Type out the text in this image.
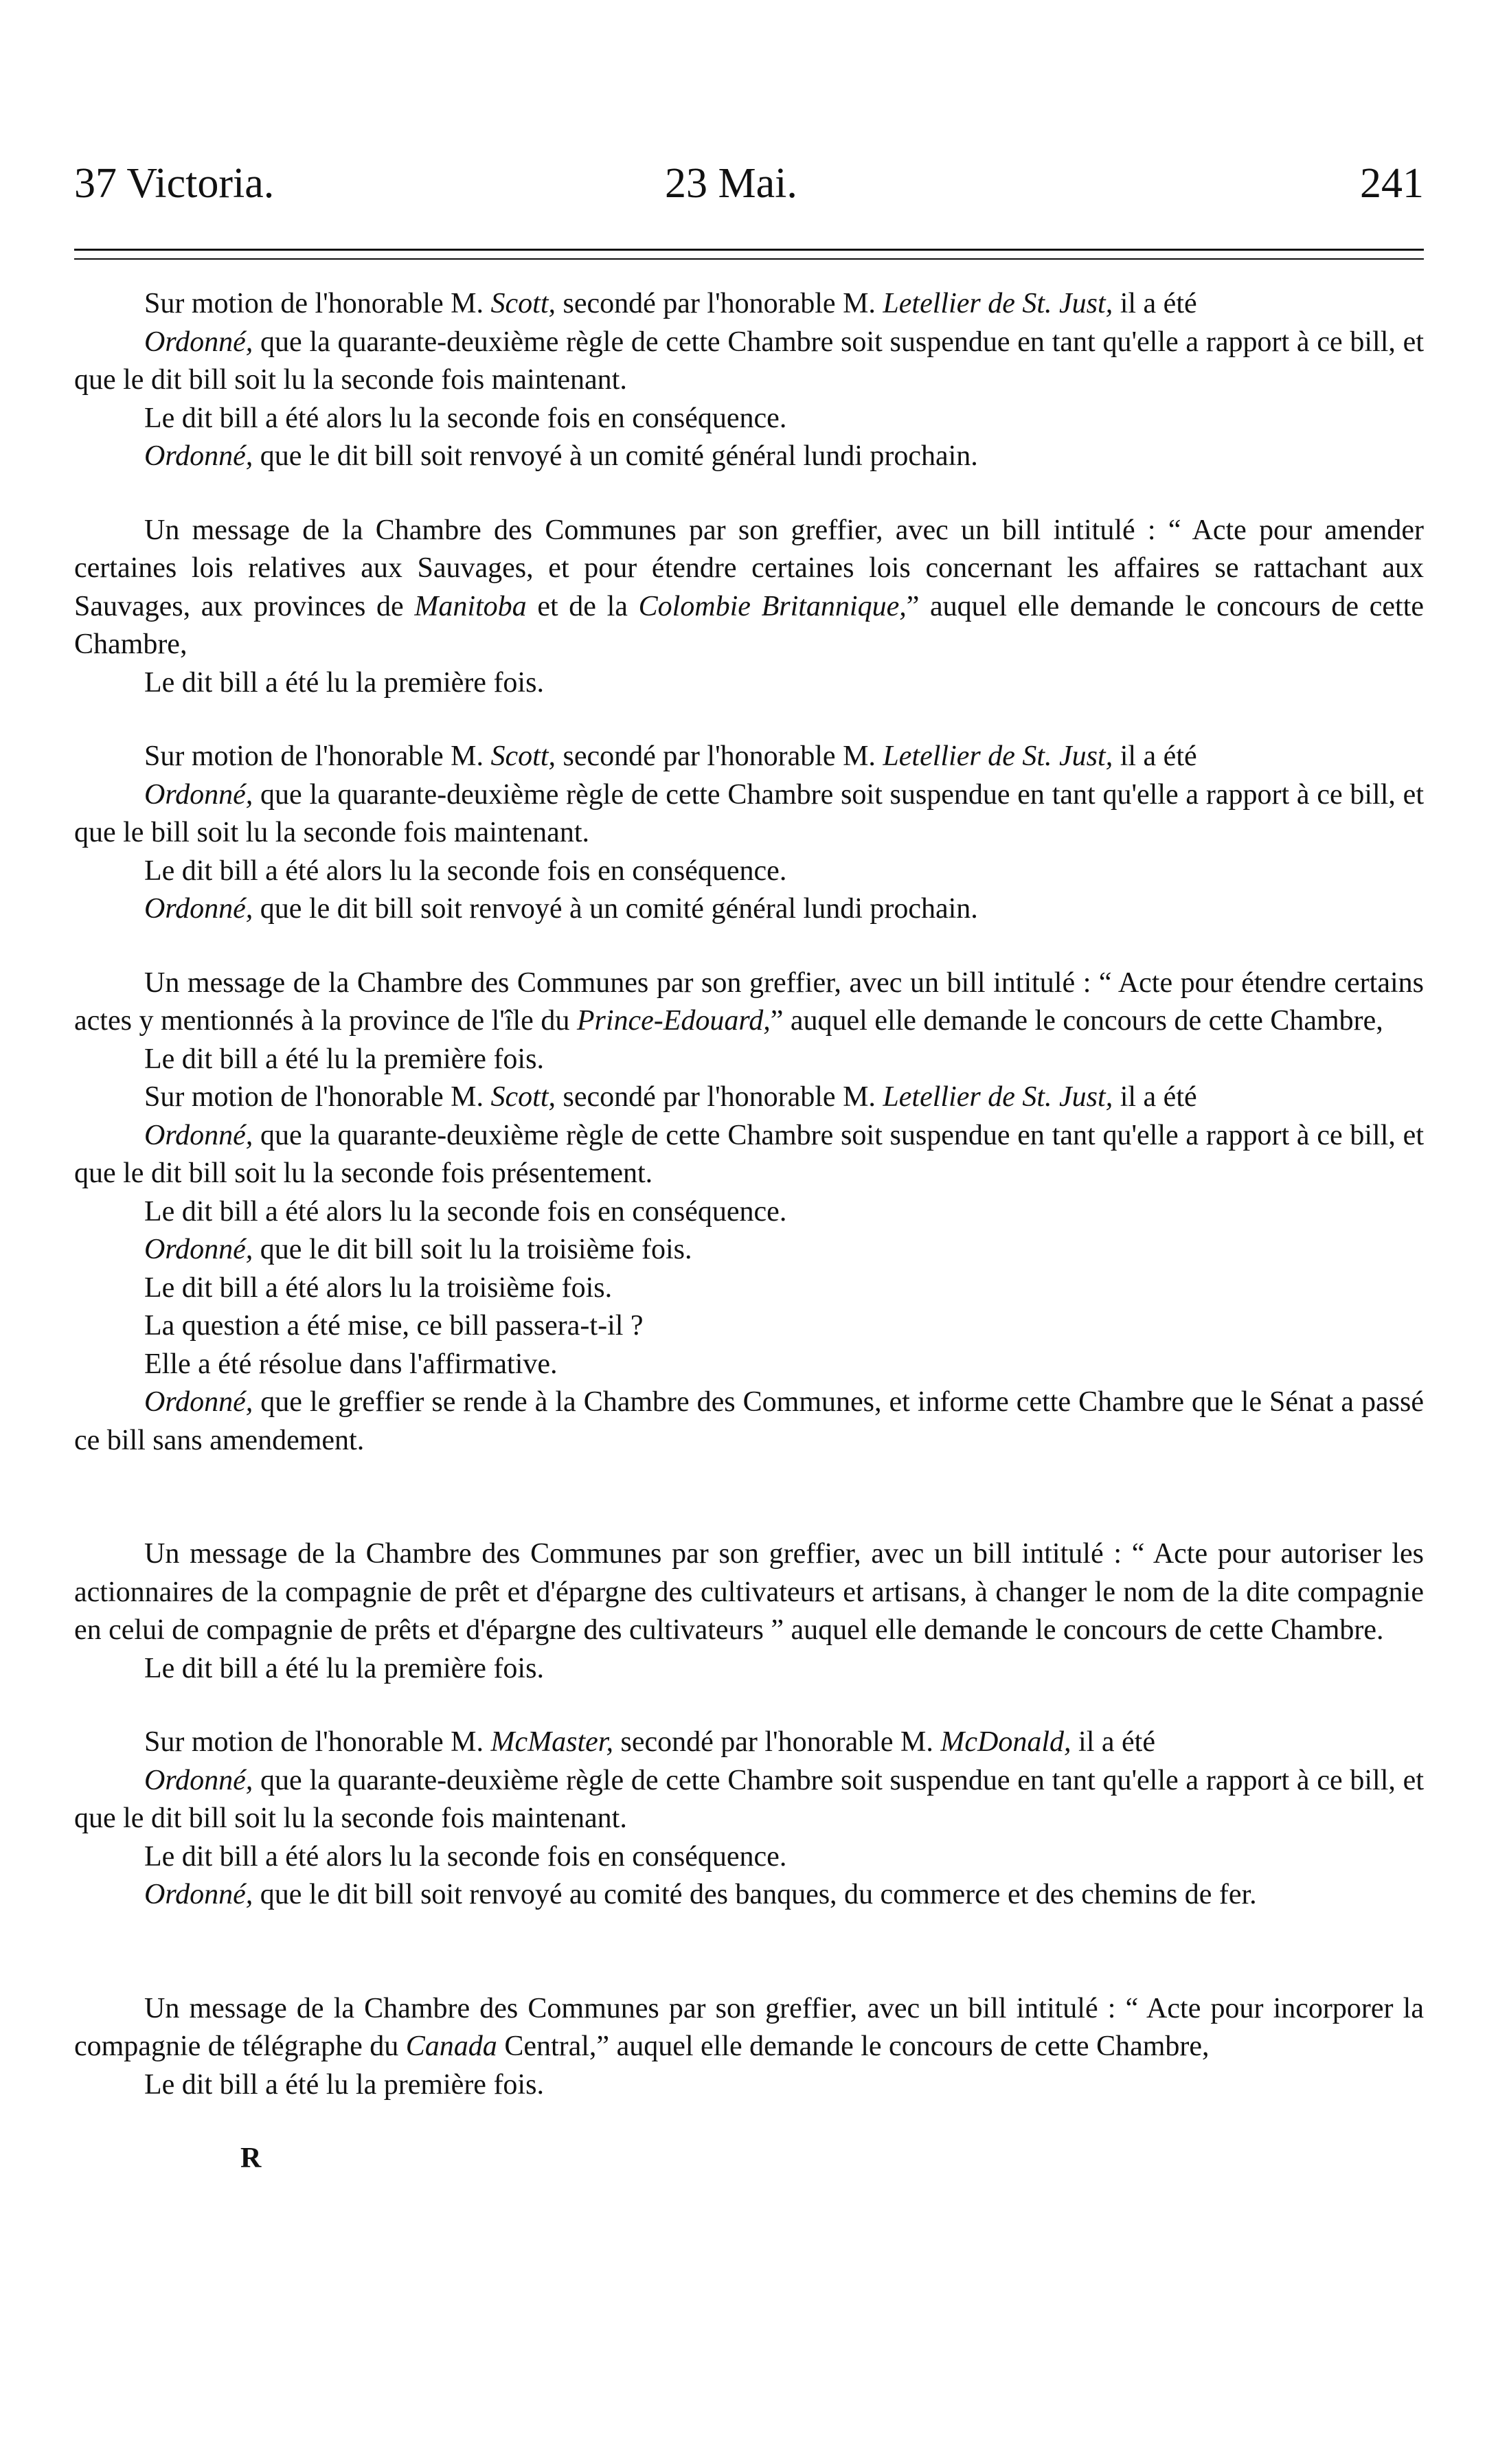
37 Victoria.	23 Mai.	241

Sur motion de l'honorable M. Scott, secondé par l'honorable M. Letellier de St. Just, il a été

Ordonné, que la quarante-deuxième règle de cette Chambre soit suspendue en tant qu'elle a rapport à ce bill, et que le dit bill soit lu la seconde fois maintenant.

Le dit bill a été alors lu la seconde fois en conséquence.

Ordonné, que le dit bill soit renvoyé à un comité général lundi prochain.

Un message de la Chambre des Communes par son greffier, avec un bill intitulé : “ Acte pour amender certaines lois relatives aux Sauvages, et pour étendre certaines lois concernant les affaires se rattachant aux Sauvages, aux provinces de Manitoba et de la Colombie Britannique,” auquel elle demande le concours de cette Chambre,

Le dit bill a été lu la première fois.

Sur motion de l'honorable M. Scott, secondé par l'honorable M. Letellier de St. Just, il a été

Ordonné, que la quarante-deuxième règle de cette Chambre soit suspendue en tant qu'elle a rapport à ce bill, et que le bill soit lu la seconde fois maintenant.

Le dit bill a été alors lu la seconde fois en conséquence.

Ordonné, que le dit bill soit renvoyé à un comité général lundi prochain.

Un message de la Chambre des Communes par son greffier, avec un bill intitulé : “ Acte pour étendre certains actes y mentionnés à la province de l'île du Prince-Edouard,” auquel elle demande le concours de cette Chambre,

Le dit bill a été lu la première fois.

Sur motion de l'honorable M. Scott, secondé par l'honorable M. Letellier de St. Just, il a été

Ordonné, que la quarante-deuxième règle de cette Chambre soit suspendue en tant qu'elle a rapport à ce bill, et que le dit bill soit lu la seconde fois présentement.

Le dit bill a été alors lu la seconde fois en conséquence.

Ordonné, que le dit bill soit lu la troisième fois.

Le dit bill a été alors lu la troisième fois.

La question a été mise, ce bill passera-t-il ?

Elle a été résolue dans l'affirmative.

Ordonné, que le greffier se rende à la Chambre des Communes, et informe cette Chambre que le Sénat a passé ce bill sans amendement.

Un message de la Chambre des Communes par son greffier, avec un bill intitulé : “ Acte pour autoriser les actionnaires de la compagnie de prêt et d'épargne des cultivateurs et artisans, à changer le nom de la dite compagnie en celui de compagnie de prêts et d'épargne des cultivateurs ” auquel elle demande le concours de cette Chambre.

Le dit bill a été lu la première fois.

Sur motion de l'honorable M. McMaster, secondé par l'honorable M. McDonald, il a été

Ordonné, que la quarante-deuxième règle de cette Chambre soit suspendue en tant qu'elle a rapport à ce bill, et que le dit bill soit lu la seconde fois maintenant.

Le dit bill a été alors lu la seconde fois en conséquence.

Ordonné, que le dit bill soit renvoyé au comité des banques, du commerce et des chemins de fer.

Un message de la Chambre des Communes par son greffier, avec un bill intitulé : “ Acte pour incorporer la compagnie de télégraphe du Canada Central,” auquel elle demande le concours de cette Chambre,

Le dit bill a été lu la première fois.

R
